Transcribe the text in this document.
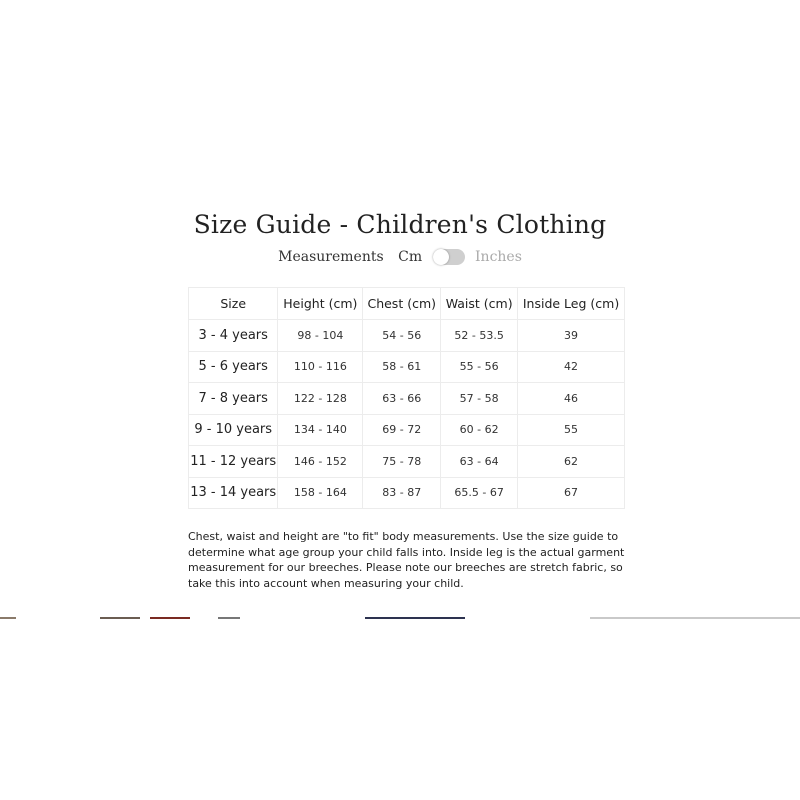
Size Guide - Children's Clothing
Measurements Cm	Inches
Size	Height (cm)	Chest (cm)	Waist (cm)	Inside Leg (cm)
3 - 4 years	98 - 104	54 - 56	52 - 53.5	39
5 - 6 years	110 - 116	58 - 61	55 - 56	42
7 - 8 years	122 - 128	63 - 66	57 - 58	46
9 - 10 years	134 - 140	69 - 72	60 - 62	55
11 - 12 years	146 - 152	75 - 78	63 - 64	62
13 - 14 years	158 - 164	83 - 87	65.5 - 67	67
Chest, waist and height are "to fit" body measurements. Use the size guide to determine what age group your child falls into. Inside leg is the actual garment measurement for our breeches. Please note our breeches are stretch fabric, so take this into account when measuring your child.
